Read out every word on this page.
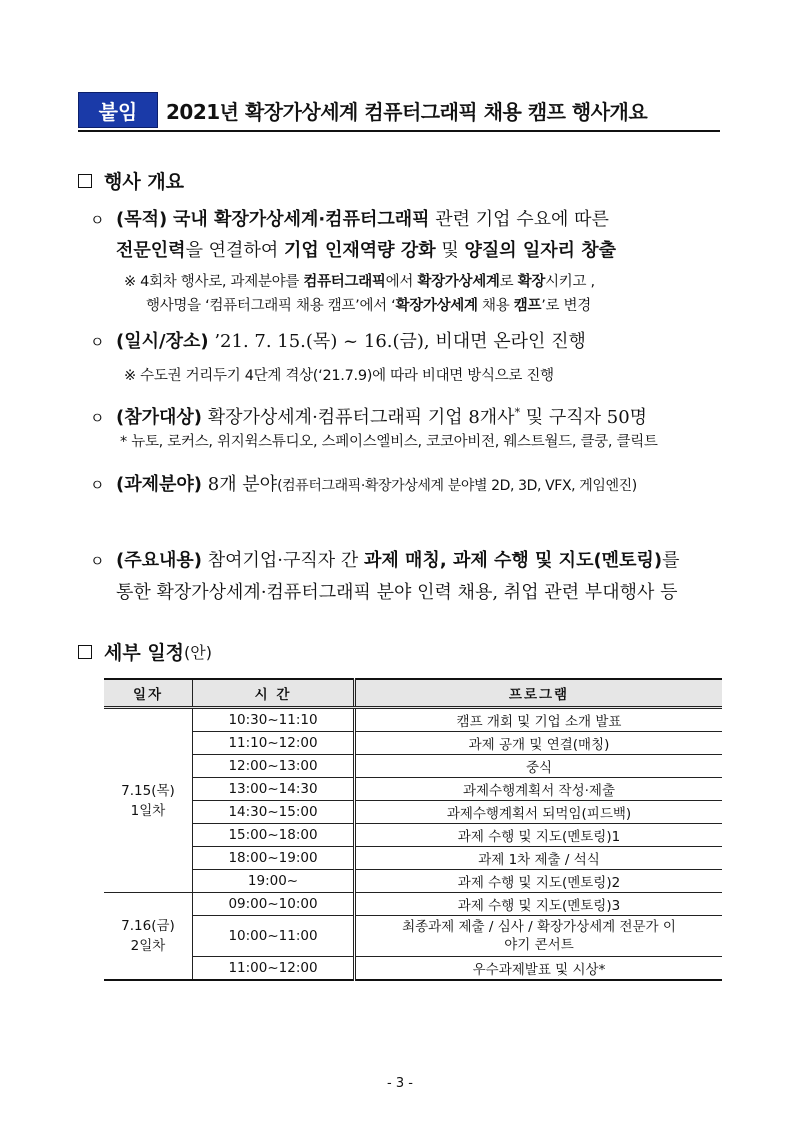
붙임	2021년 확장가상세계 컴퓨터그래픽 채용 캠프 행사개요
행사 개요
ㅇ (목적) 국내 확장가상세계·컴퓨터그래픽 관련 기업 수요에 따른
전문인력을 연결하여 기업 인재역량 강화 및 양질의 일자리 창출
※ 4회차 행사로, 과제분야를 컴퓨터그래픽에서 확장가상세계로 확장시키고 ,
행사명을 ‘컴퓨터그래픽 채용 캠프’에서 ‘확장가상세계 채용 캠프’로 변경
ㅇ (일시/장소) ’21. 7. 15.(목) ~ 16.(금), 비대면 온라인 진행
※ 수도권 거리두기 4단계 격상(‘21.7.9)에 따라 비대면 방식으로 진행
ㅇ (참가대상) 확장가상세계·컴퓨터그래픽 기업 8개사* 및 구직자 50명
* 뉴토, 로커스, 위지윅스튜디오, 스페이스엘비스, 코코아비전, 웨스트월드, 클쿵, 클릭트
ㅇ (과제분야) 8개 분야(컴퓨터그래픽·확장가상세계 분야별 2D, 3D, VFX, 게임엔진)
ㅇ (주요내용) 참여기업·구직자 간 과제 매칭, 과제 수행 및 지도(멘토링)를
통한 확장가상세계·컴퓨터그래픽 분야 인력 채용, 취업 관련 부대행사 등
세부 일정 (안)
일자	시 간	프로그램

7.15(목)
1일차	10:30~11:10	캠프 개회 및 기업 소개 발표
	11:10~12:00	과제 공개 및 연결(매칭)
	12:00~13:00	중식
	13:00~14:30	과제수행계획서 작성·제출
	14:30~15:00	과제수행계획서 되먹임(피드백)
	15:00~18:00	과제 수행 및 지도(멘토링)1
	18:00~19:00	과제 1차 제출 / 석식
	19:00~	과제 수행 및 지도(멘토링)2

7.16(금)
2일차	09:00~10:00	과제 수행 및 지도(멘토링)3
	10:00~11:00	최종과제 제출 / 심사 / 확장가상세계 전문가 이야기 콘서트
	11:00~12:00	우수과제발표 및 시상*
- 3 -
